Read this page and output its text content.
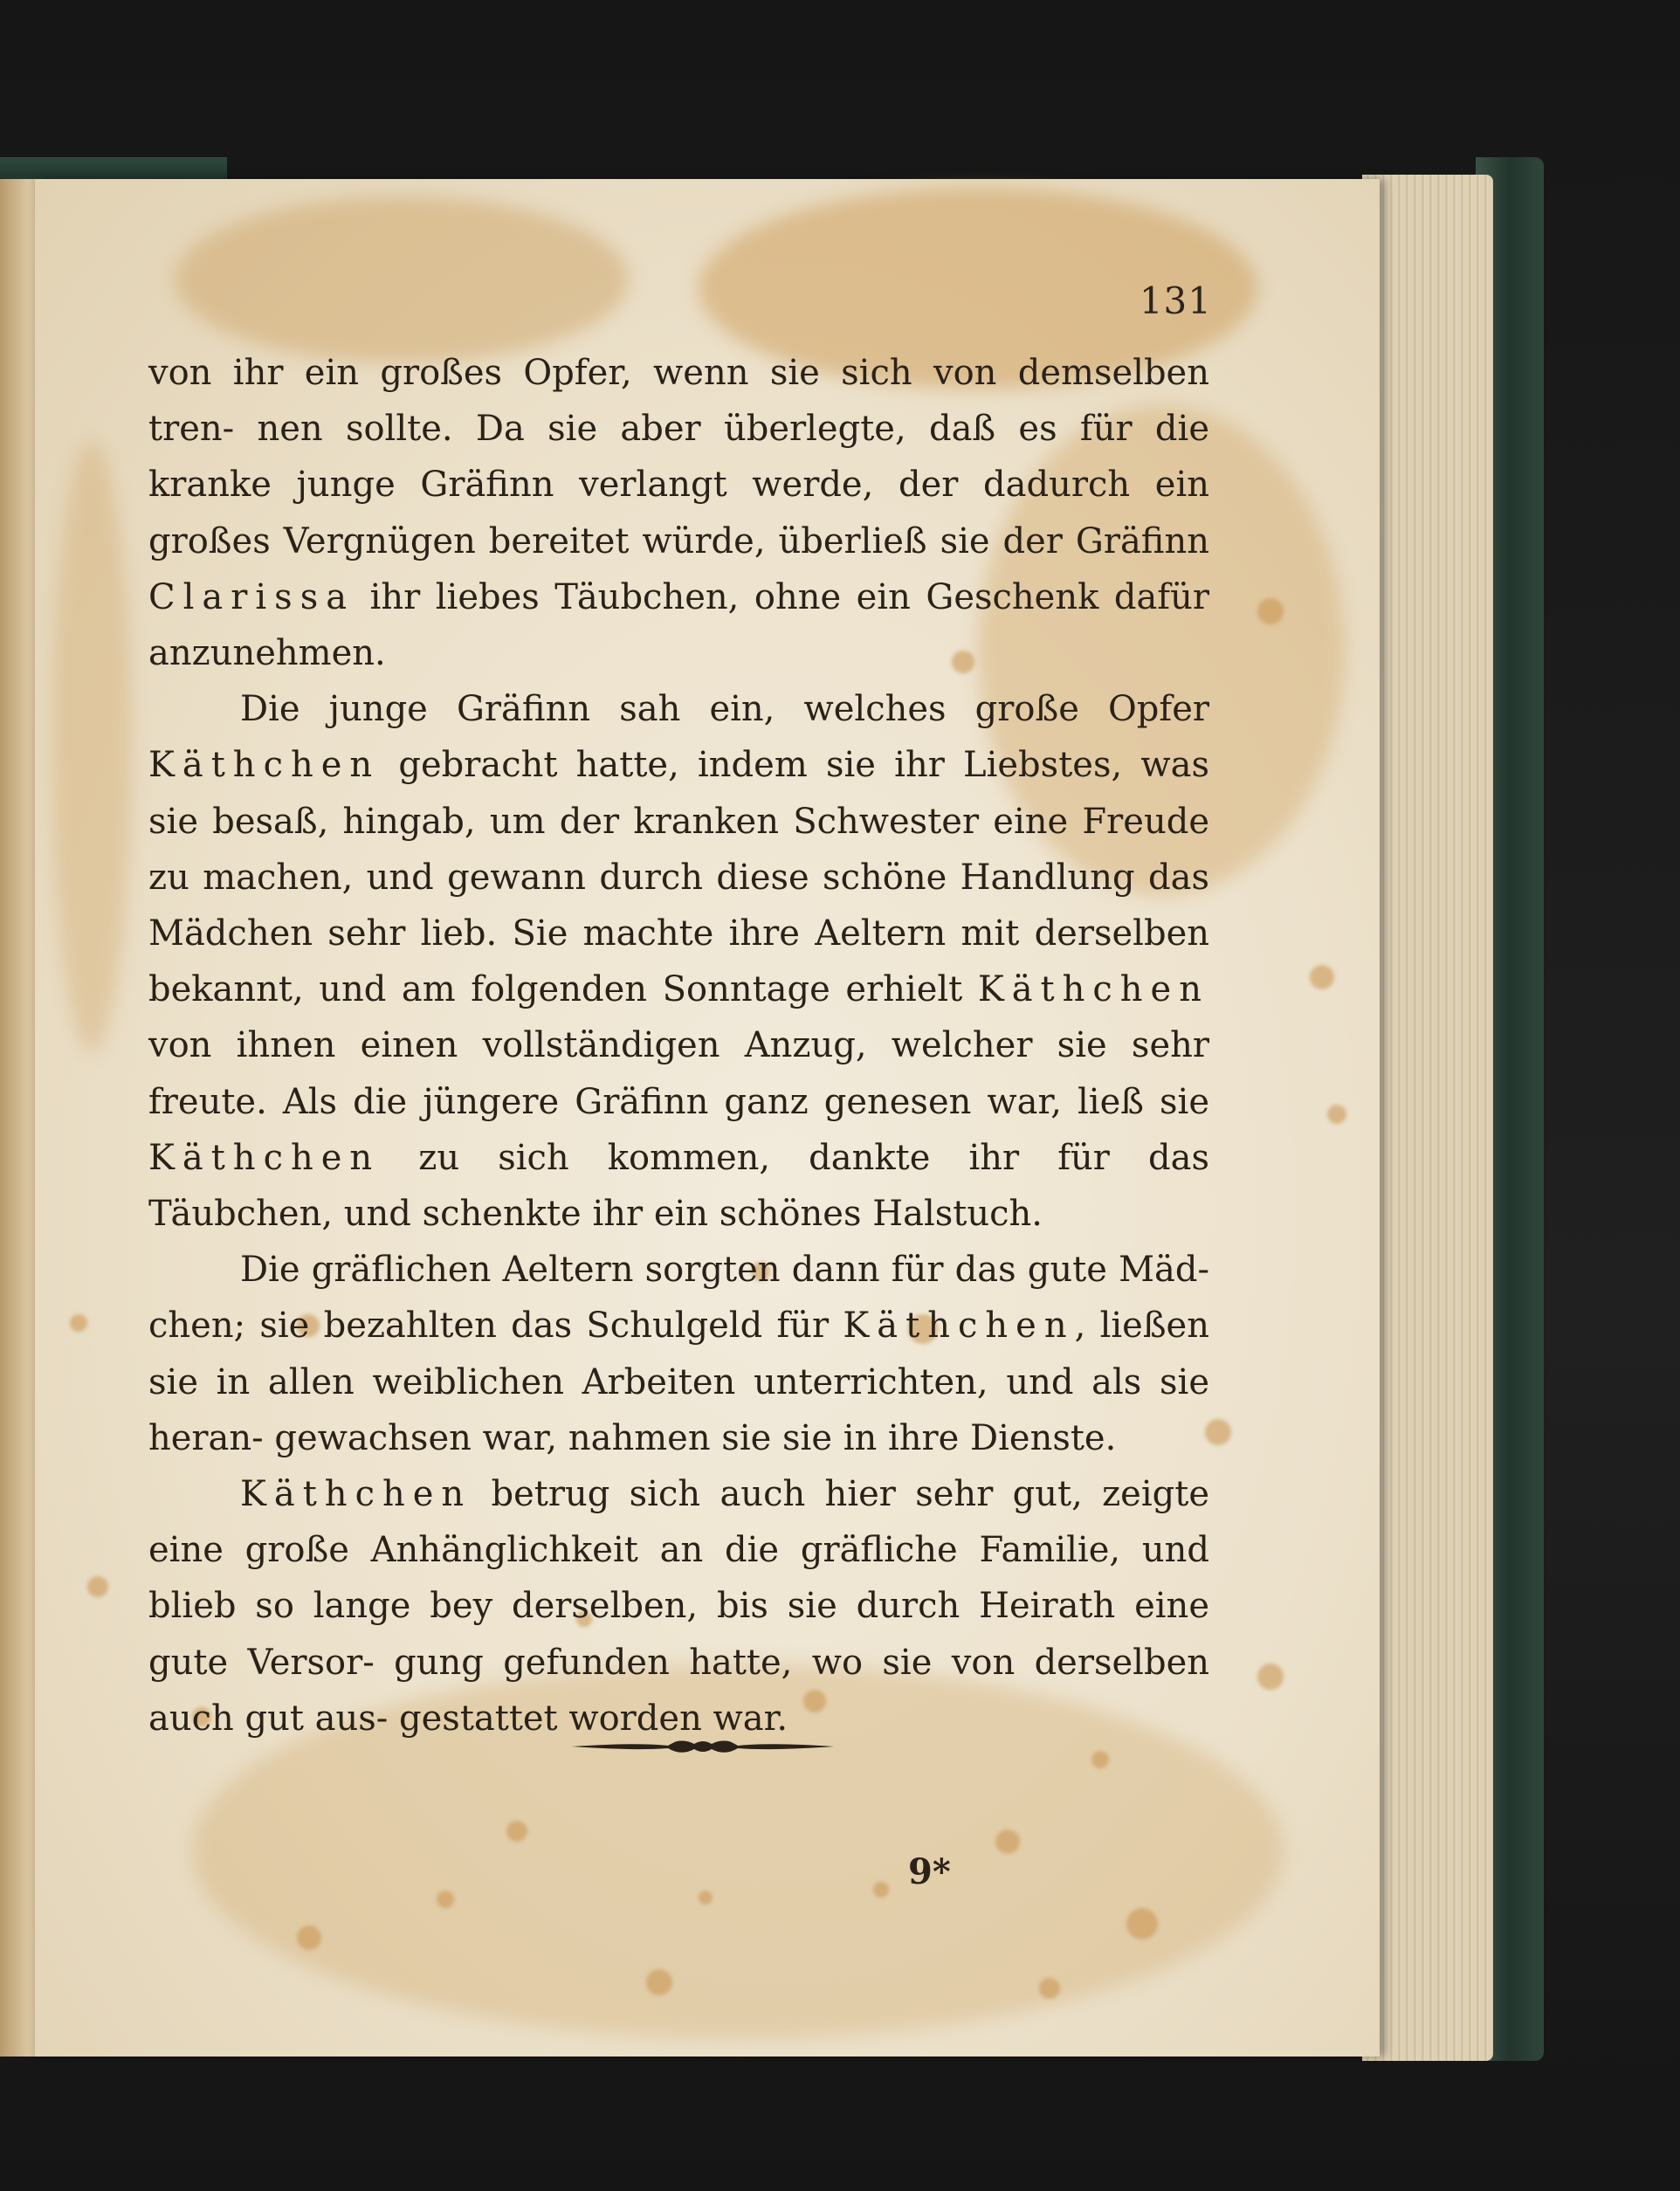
131

von ihr ein großes Opfer, wenn sie sich von demselben tren‑ nen sollte. Da sie aber überlegte, daß es für die kranke junge Gräfinn verlangt werde, der dadurch ein großes Vergnügen bereitet würde, überließ sie der Gräfinn Clarissa ihr liebes Täubchen, ohne ein Geschenk dafür anzunehmen.

Die junge Gräfinn sah ein, welches große Opfer Käthchen gebracht hatte, indem sie ihr Liebstes, was sie besaß, hingab, um der kranken Schwester eine Freude zu machen, und gewann durch diese schöne Handlung das Mädchen sehr lieb. Sie machte ihre Aeltern mit derselben bekannt, und am folgenden Sonntage erhielt Käthchen von ihnen einen vollständigen Anzug, welcher sie sehr freute. Als die jüngere Gräfinn ganz genesen war, ließ sie Käthchen zu sich kommen, dankte ihr für das Täubchen, und schenkte ihr ein schönes Halstuch.

Die gräflichen Aeltern sorgten dann für das gute Mäd‑ chen; sie bezahlten das Schulgeld für Käthchen, ließen sie in allen weiblichen Arbeiten unterrichten, und als sie heran‑ gewachsen war, nahmen sie sie in ihre Dienste.

Käthchen betrug sich auch hier sehr gut, zeigte eine große Anhänglichkeit an die gräfliche Familie, und blieb so lange bey derselben, bis sie durch Heirath eine gute Versor‑ gung gefunden hatte, wo sie von derselben auch gut aus‑ gestattet worden war.

9*
